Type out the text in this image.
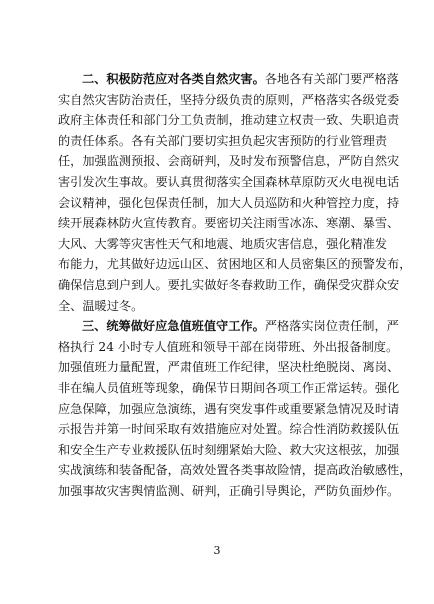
二、积极防范应对各类自然灾害。各地各有关部门要严格落
实自然灾害防治责任，坚持分级负责的原则，严格落实各级党委
政府主体责任和部门分工负责制，推动建立权责一致、失职追责
的责任体系。各有关部门要切实担负起灾害预防的行业管理责
任，加强监测预报、会商研判，及时发布预警信息，严防自然灾
害引发次生事故。要认真贯彻落实全国森林草原防灭火电视电话
会议精神，强化包保责任制，加大人员巡防和火种管控力度，持
续开展森林防火宣传教育。要密切关注雨雪冰冻、寒潮、暴雪、
大风、大雾等灾害性天气和地震、地质灾害信息，强化精准发
布能力，尤其做好边远山区、贫困地区和人员密集区的预警发布，
确保信息到户到人。要扎实做好冬春救助工作，确保受灾群众安
全、温暖过冬。
三、统筹做好应急值班值守工作。严格落实岗位责任制，严
格执行 24 小时专人值班和领导干部在岗带班、外出报备制度。
加强值班力量配置，严肃值班工作纪律，坚决杜绝脱岗、离岗、
非在编人员值班等现象，确保节日期间各项工作正常运转。强化
应急保障，加强应急演练，遇有突发事件或重要紧急情况及时请
示报告并第一时间采取有效措施应对处置。综合性消防救援队伍
和安全生产专业救援队伍时刻绷紧始大险、救大灾这根弦，加强
实战演练和装备配备，高效处置各类事故险情，提高政治敏感性，
加强事故灾害舆情监测、研判，正确引导舆论，严防负面炒作。
3
